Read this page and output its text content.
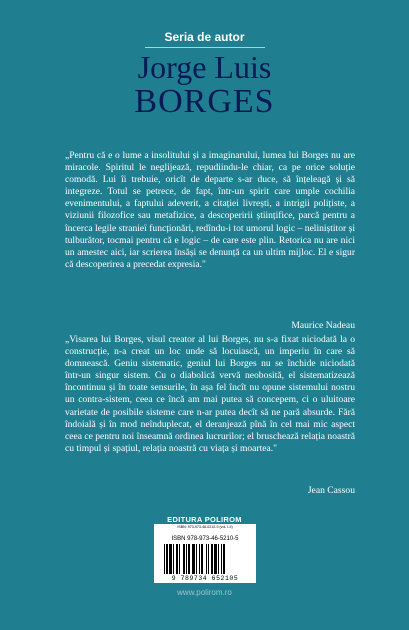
Seria de autor
Jorge Luis
BORGES

„Pentru că e o lume a insolitului și a imaginarului, lumea lui Borges nu are miracole. Spiritul le neglijează, repudiindu-le chiar, ca pe orice soluție comodă. Lui îi trebuie, oricît de departe s-ar duce, să înțeleagă și să integreze. Totul se petrece, de fapt, într-un spirit care umple cochilia evenimentului, a faptului adeverit, a citației livrești, a intrigii polițiste, a viziunii filozofice sau metafizice, a descoperirii științifice, parcă pentru a încerca legile stranieï funcționări, redîndu-i tot umorul logic – neliniștitor și tulburător, tocmai pentru că e logic – de care este plin. Retorica nu are nici un amestec aici, iar scrierea însăși se denunță ca un ultim mijloc. El e sigur că descoperirea a precedat expresia."

Maurice Nadeau

„Visarea lui Borges, visul creator al lui Borges, nu s-a fixat niciodată la o construcție, n-a creat un loc unde să locuiască, un imperiu în care să domnească. Geniu sistematic, geniul lui Borges nu se închide niciodată într-un singur sistem. Cu o diabolică vervă neobosită, el sistematizează încontinuu și în toate sensurile, în așa fel încît nu opune sistemului nostru un contra-sistem, ceea ce încă am mai putea să concepem, ci o uluitoare varietate de posibile sisteme care n-ar putea decît să ne pară absurde. Fără îndoială și în mod neînduplecat, el deranjează pînă în cel mai mic aspect ceea ce pentru noi înseamnă ordinea lucrurilor; el bruschează relația noastră cu timpul și spațiul, relația noastră cu viața și moartea."

Jean Cassou

EDITURA POLIROM
ISBN: 973-973-46-0212-9 (vol. I-II)
ISBN 978-973-46-5210-5
9 789734 652105
www.polirom.ro
